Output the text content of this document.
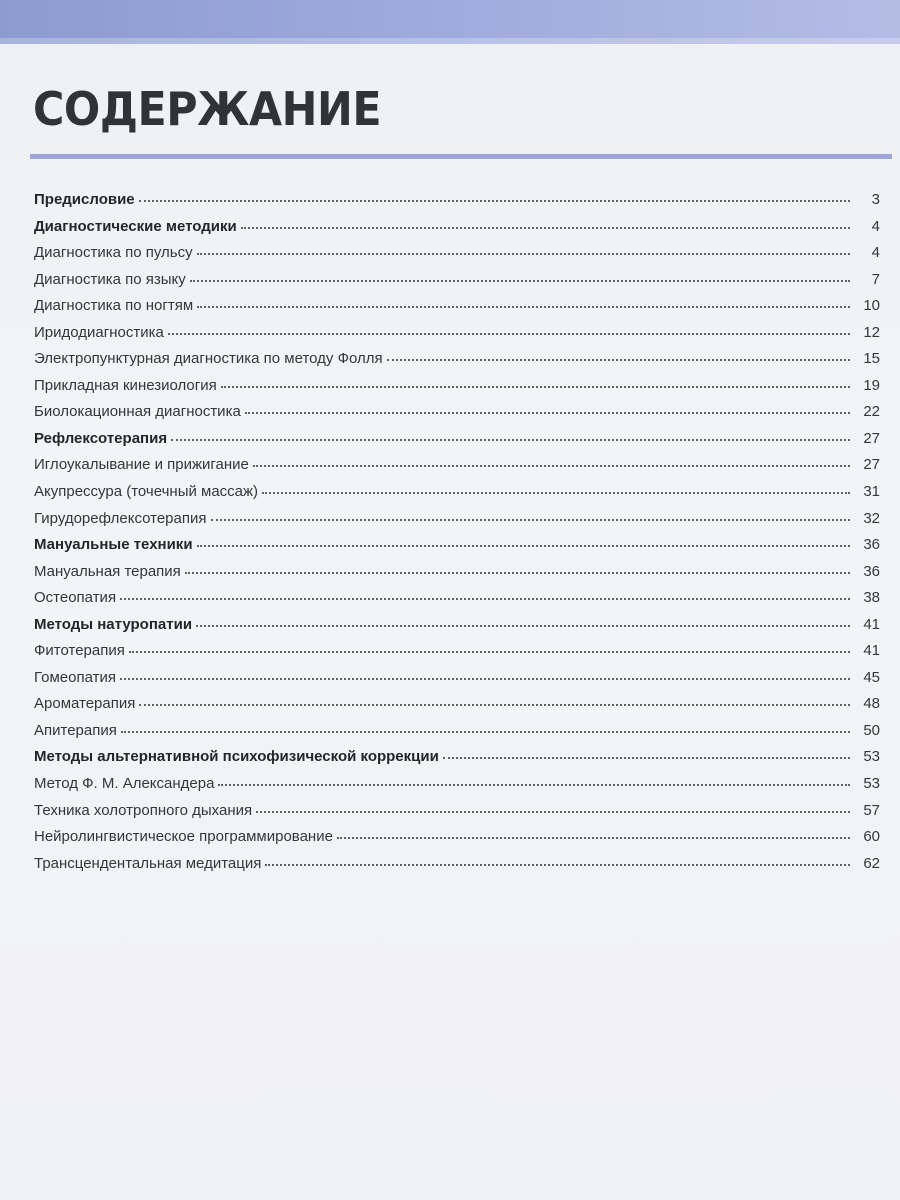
СОДЕРЖАНИЕ
Предисловие	3
Диагностические методики	4
Диагностика по пульсу	4
Диагностика по языку	7
Диагностика по ногтям	10
Иридодиагностика	12
Электропунктурная диагностика по методу Фолля	15
Прикладная кинезиология	19
Биолокационная диагностика	22
Рефлексотерапия	27
Иглоукалывание и прижигание	27
Акупрессура (точечный массаж)	31
Гирудорефлексотерапия	32
Мануальные техники	36
Мануальная терапия	36
Остеопатия	38
Методы натуропатии	41
Фитотерапия	41
Гомеопатия	45
Ароматерапия	48
Апитерапия	50
Методы альтернативной психофизической коррекции	53
Метод Ф. М. Александера	53
Техника холотропного дыхания	57
Нейролингвистическое программирование	60
Трансцендентальная медитация	62
